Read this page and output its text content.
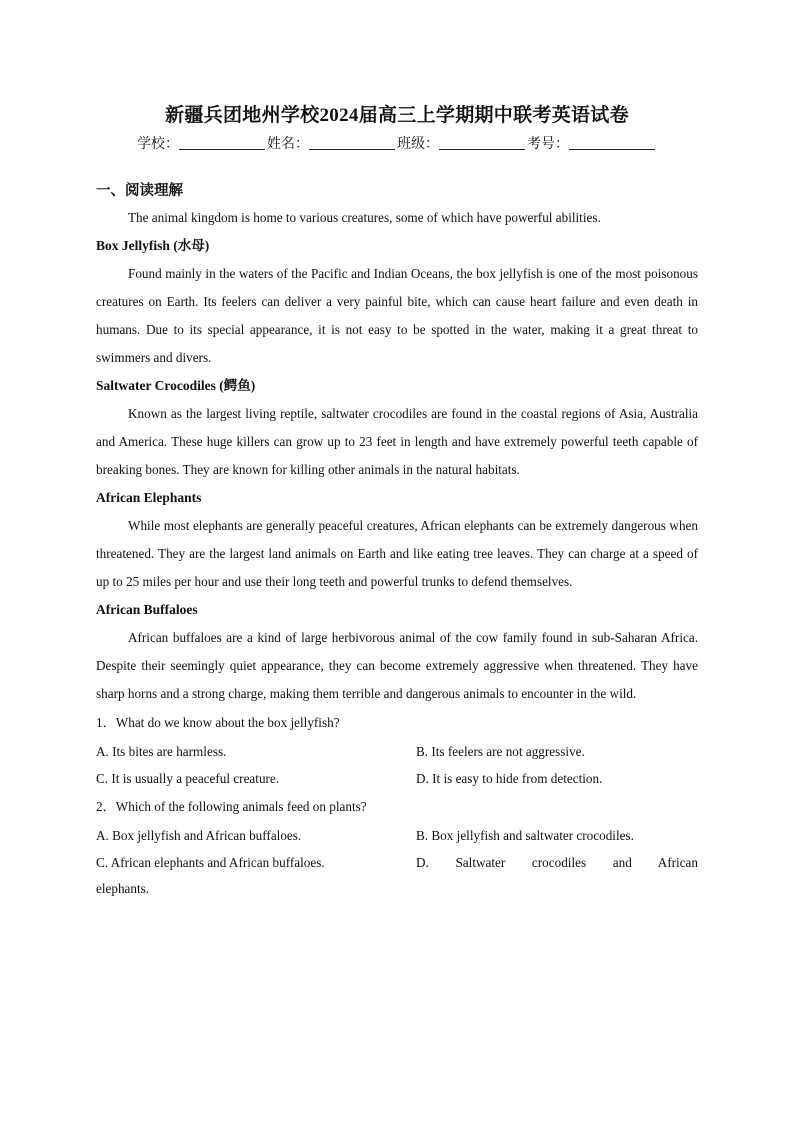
新疆兵团地州学校2024届高三上学期期中联考英语试卷
学校：	姓名：	班级：	考号：
一、阅读理解

The animal kingdom is home to various creatures, some of which have powerful abilities.

Box Jellyfish (水母)

Found mainly in the waters of the Pacific and Indian Oceans, the box jellyfish is one of the most poisonous creatures on Earth. Its feelers can deliver a very painful bite, which can cause heart failure and even death in humans. Due to its special appearance, it is not easy to be spotted in the water, making it a great threat to swimmers and divers.

Saltwater Crocodiles (鳄鱼)

Known as the largest living reptile, saltwater crocodiles are found in the coastal regions of Asia, Australia and America. These huge killers can grow up to 23 feet in length and have extremely powerful teeth capable of breaking bones. They are known for killing other animals in the natural habitats.

African Elephants

While most elephants are generally peaceful creatures, African elephants can be extremely dangerous when threatened. They are the largest land animals on Earth and like eating tree leaves. They can charge at a speed of up to 25 miles per hour and use their long teeth and powerful trunks to defend themselves.

African Buffaloes

African buffaloes are a kind of large herbivorous animal of the cow family found in sub-Saharan Africa. Despite their seemingly quiet appearance, they can become extremely aggressive when threatened. They have sharp horns and a strong charge, making them terrible and dangerous animals to encounter in the wild.

1．What do we know about the box jellyfish?
A. Its bites are harmless.	B. Its feelers are not aggressive.
C. It is usually a peaceful creature.	D. It is easy to hide from detection.
2．Which of the following animals feed on plants?
A. Box jellyfish and African buffaloes.	B. Box jellyfish and saltwater crocodiles.
C. African elephants and African buffaloes.	D. Saltwater crocodiles and African
elephants.
